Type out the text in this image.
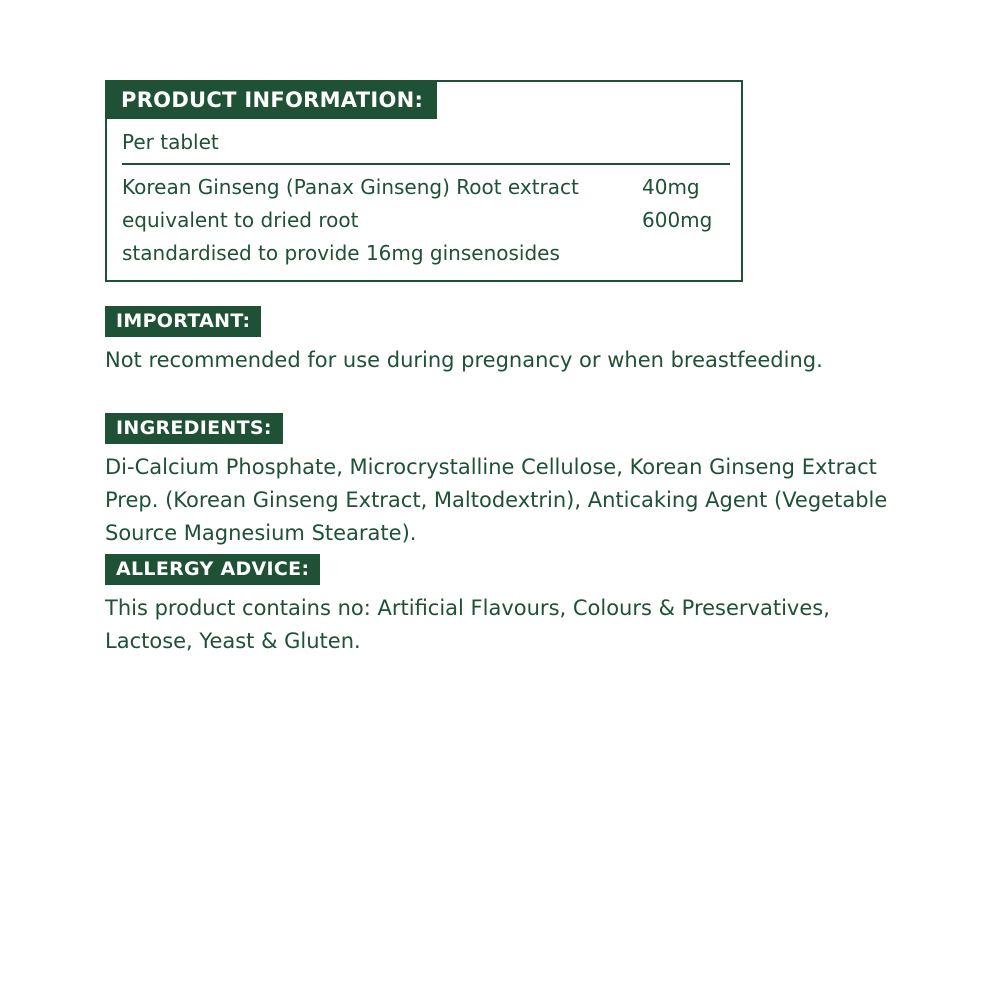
PRODUCT INFORMATION:
Per tablet
Korean Ginseng (Panax Ginseng) Root extract	40mg
equivalent to dried root	600mg
standardised to provide 16mg ginsenosides
IMPORTANT:
Not recommended for use during pregnancy or when breastfeeding.
INGREDIENTS:
Di-Calcium Phosphate, Microcrystalline Cellulose, Korean Ginseng Extract Prep. (Korean Ginseng Extract, Maltodextrin), Anticaking Agent (Vegetable Source Magnesium Stearate).
ALLERGY ADVICE:
This product contains no: Artificial Flavours, Colours & Preservatives, Lactose, Yeast & Gluten.
